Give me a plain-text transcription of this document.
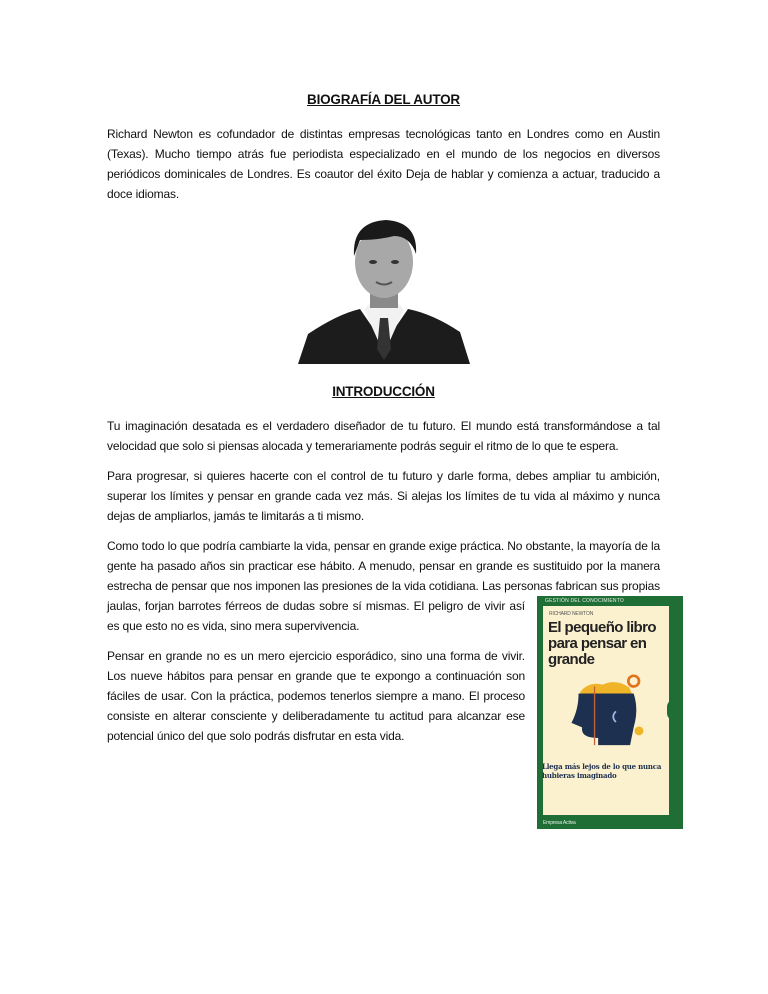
BIOGRAFÍA DEL AUTOR

Richard Newton es cofundador de distintas empresas tecnológicas tanto en Londres como en Austin (Texas). Mucho tiempo atrás fue periodista especializado en el mundo de los negocios en diversos periódicos dominicales de Londres. Es coautor del éxito Deja de hablar y comienza a actuar, traducido a doce idiomas.

INTRODUCCIÓN

Tu imaginación desatada es el verdadero diseñador de tu futuro. El mundo está transformándose a tal velocidad que solo si piensas alocada y temerariamente podrás seguir el ritmo de lo que te espera.

Para progresar, si quieres hacerte con el control de tu futuro y darle forma, debes ampliar tu ambición, superar los límites y pensar en grande cada vez más. Si alejas los límites de tu vida al máximo y nunca dejas de ampliarlos, jamás te limitarás a ti mismo.

GESTIÓN DEL CONOCIMIENTO
RICHARD NEWTON
El pequeño libro para pensar en grande
Llega más lejos de lo que nunca hubieras imaginado
Empresa Activa
Como todo lo que podría cambiarte la vida, pensar en grande exige práctica. No obstante, la mayoría de la gente ha pasado años sin practicar ese hábito. A menudo, pensar en grande es sustituido por la manera estrecha de pensar que nos imponen las presiones de la vida cotidiana. Las personas fabrican sus propias jaulas, forjan barrotes férreos de dudas sobre sí mismas. El peligro de vivir así es que esto no es vida, sino mera supervivencia.

Pensar en grande no es un mero ejercicio esporádico, sino una forma de vivir. Los nueve hábitos para pensar en grande que te expongo a continuación son fáciles de usar. Con la práctica, podemos tenerlos siempre a mano. El proceso consiste en alterar consciente y deliberadamente tu actitud para alcanzar ese potencial único del que solo podrás disfrutar en esta vida.
